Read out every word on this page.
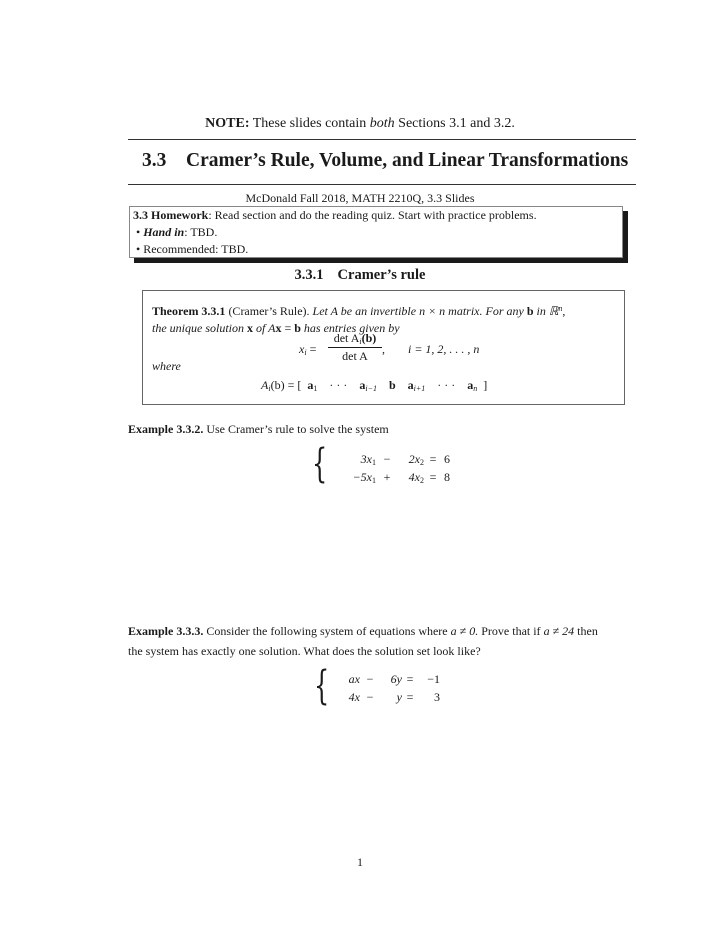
NOTE: These slides contain both Sections 3.1 and 3.2.
3.3 Cramer’s Rule, Volume, and Linear Transformations
McDonald Fall 2018, MATH 2210Q, 3.3 Slides
3.3 Homework: Read section and do the reading quiz. Start with practice problems.
• Hand in: TBD.
• Recommended: TBD.
3.3.1 Cramer’s rule
Theorem 3.3.1 (Cramer’s Rule). Let A be an invertible n × n matrix. For any b in ℝ$^n$,
the unique solution x of Ax = b has entries given by
$x_i$ =
$\det A_i(b)$
det A	, i = 1, 2, . . . , n
where
$A_i(b)$ = [ $a_1$ · · · $a_{i-1}$ b $a_{i+1}$ · · · $a_n$ ]
Example 3.3.2. Use Cramer’s rule to solve the system
{	$3x_1$ −	$2x_2 = 6$
$-5x_1$ +	$4x_2 = 8$
Example 3.3.3. Consider the following system of equations where a ≠ 0. Prove that if a ≠ 24 then
the system has exactly one solution. What does the solution set look like?
{	ax −	6y =	−1
4x −	y =	3
1
